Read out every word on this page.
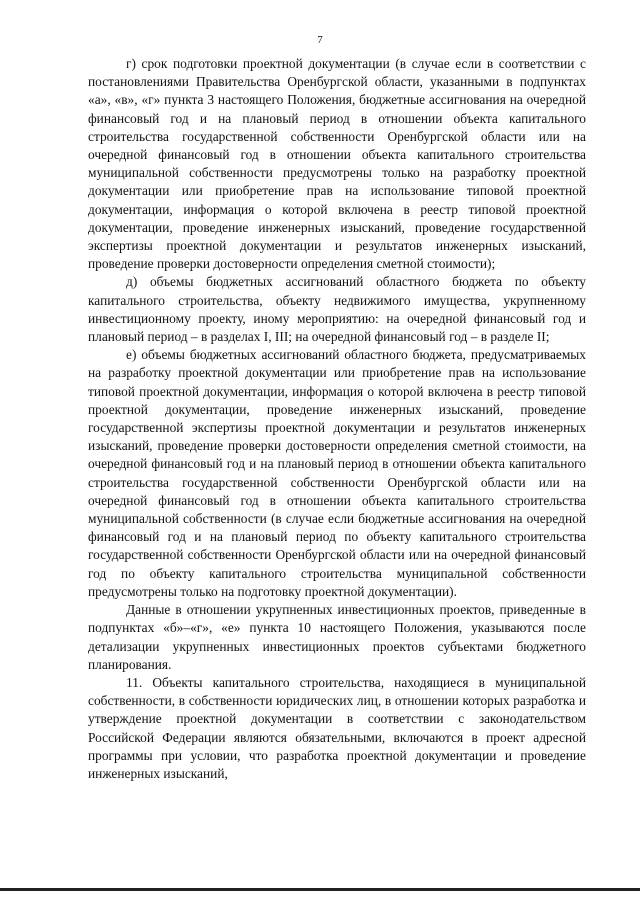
7

г) срок подготовки проектной документации (в случае если в соответствии с постановлениями Правительства Оренбургской области, указанными в подпунктах «а», «в», «г» пункта 3 настоящего Положения, бюджетные ассигнования на очередной финансовый год и на плановый период в отношении объекта капитального строительства государственной собственности Оренбургской области или на очередной финансовый год в отношении объекта капитального строительства муниципальной собственности предусмотрены только на разработку проектной документации или приобретение прав на использование типовой проектной документации, информация о которой включена в реестр типовой проектной документации, проведение инженерных изысканий, проведение государственной экспертизы проектной документации и результатов инженерных изысканий, проведение проверки достоверности определения сметной стоимости);

д) объемы бюджетных ассигнований областного бюджета по объекту капитального строительства, объекту недвижимого имущества, укрупненному инвестиционному проекту, иному мероприятию: на очередной финансовый год и плановый период – в разделах I, III; на очередной финансовый год – в разделе II;

е) объемы бюджетных ассигнований областного бюджета, предусматриваемых на разработку проектной документации или приобретение прав на использование типовой проектной документации, информация о которой включена в реестр типовой проектной документации, проведение инженерных изысканий, проведение государственной экспертизы проектной документации и результатов инженерных изысканий, проведение проверки достоверности определения сметной стоимости, на очередной финансовый год и на плановый период в отношении объекта капитального строительства государственной собственности Оренбургской области или на очередной финансовый год в отношении объекта капитального строительства муниципальной собственности (в случае если бюджетные ассигнования на очередной финансовый год и на плановый период по объекту капитального строительства государственной собственности Оренбургской области или на очередной финансовый год по объекту капитального строительства муниципальной собственности предусмотрены только на подготовку проектной документации).

Данные в отношении укрупненных инвестиционных проектов, приведенные в подпунктах «б»–«г», «е» пункта 10 настоящего Положения, указываются после детализации укрупненных инвестиционных проектов субъектами бюджетного планирования.

11. Объекты капитального строительства, находящиеся в муниципальной собственности, в собственности юридических лиц, в отношении которых разработка и утверждение проектной документации в соответствии с законодательством Российской Федерации являются обязательными, включаются в проект адресной программы при условии, что разработка проектной документации и проведение инженерных изысканий,
